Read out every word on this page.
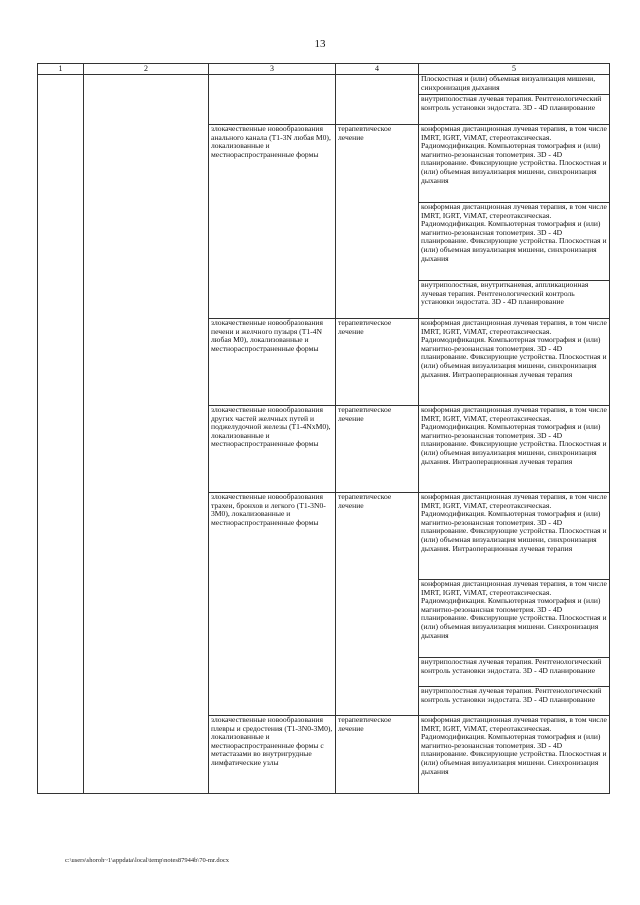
13
1	2	3	4	5
				Плоскостная и (или) объемная визуализация мишени, синхронизация дыхания
				внутриполостная лучевая терапия. Рентгенологический контроль установки эндостата. 3D - 4D планирование
		злокачественные новообразования анального канала (T1-3N любая M0), локализованные и местнораспространенные формы	терапевтическое лечение	конформная дистанционная лучевая терапия, в том числе IMRT, IGRT, ViMAT, стереотаксическая. Радиомодификация. Компьютерная томография и (или) магнитно-резонансная топометрия. 3D - 4D планирование. Фиксирующие устройства. Плоскостная и (или) объемная визуализация мишени, синхронизация дыхания
				конформная дистанционная лучевая терапия, в том числе IMRT, IGRT, ViMAT, стереотаксическая. Радиомодификация. Компьютерная томография и (или) магнитно-резонансная топометрия. 3D - 4D планирование. Фиксирующие устройства. Плоскостная и (или) объемная визуализация мишени, синхронизация дыхания
				внутриполостная, внутритканевая, аппликационная лучевая терапия. Рентгенологический контроль установки эндостата. 3D - 4D планирование
		злокачественные новообразования печени и желчного пузыря (T1-4N любая M0), локализованные и местнораспространенные формы	терапевтическое лечение	конформная дистанционная лучевая терапия, в том числе IMRT, IGRT, ViMAT, стереотаксическая. Радиомодификация. Компьютерная томография и (или) магнитно-резонансная топометрия. 3D - 4D планирование. Фиксирующие устройства. Плоскостная и (или) объемная визуализация мишени, синхронизация дыхания. Интраоперационная лучевая терапия
		злокачественные новообразования других частей желчных путей и поджелудочной железы (T1-4NxM0), локализованные и местнораспространенные формы	терапевтическое лечение	конформная дистанционная лучевая терапия, в том числе IMRT, IGRT, ViMAT, стереотаксическая. Радиомодификация. Компьютерная томография и (или) магнитно-резонансная топометрия. 3D - 4D планирование. Фиксирующие устройства. Плоскостная и (или) объемная визуализация мишени, синхронизация дыхания. Интраоперационная лучевая терапия
		злокачественные новообразования трахеи, бронхов и легкого (T1-3N0-3M0), локализованные и местнораспространенные формы	терапевтическое лечение	конформная дистанционная лучевая терапия, в том числе IMRT, IGRT, ViMAT, стереотаксическая. Радиомодификация. Компьютерная томография и (или) магнитно-резонансная топометрия. 3D - 4D планирование. Фиксирующие устройства. Плоскостная и (или) объемная визуализация мишени, синхронизация дыхания. Интраоперационная лучевая терапия
				конформная дистанционная лучевая терапия, в том числе IMRT, IGRT, ViMAT, стереотаксическая. Радиомодификация. Компьютерная томография и (или) магнитно-резонансная топометрия. 3D - 4D планирование. Фиксирующие устройства. Плоскостная и (или) объемная визуализация мишени. Синхронизация дыхания
				внутриполостная лучевая терапия. Рентгенологический контроль установки эндостата. 3D - 4D планирование
				внутриполостная лучевая терапия. Рентгенологический контроль установки эндостата. 3D - 4D планирование
		злокачественные новообразования плевры и средостения (T1-3N0-3M0), локализованные и местнораспространенные формы с метастазами во внутригрудные лимфатические узлы	терапевтическое лечение	конформная дистанционная лучевая терапия, в том числе IMRT, IGRT, ViMAT, стереотаксическая. Радиомодификация. Компьютерная томография и (или) магнитно-резонансная топометрия. 3D - 4D планирование. Фиксирующие устройства. Плоскостная и (или) объемная визуализация мишени. Синхронизация дыхания
c:\users\shoroh~1\appdata\local\temp\notes87944b\70-mr.docx
